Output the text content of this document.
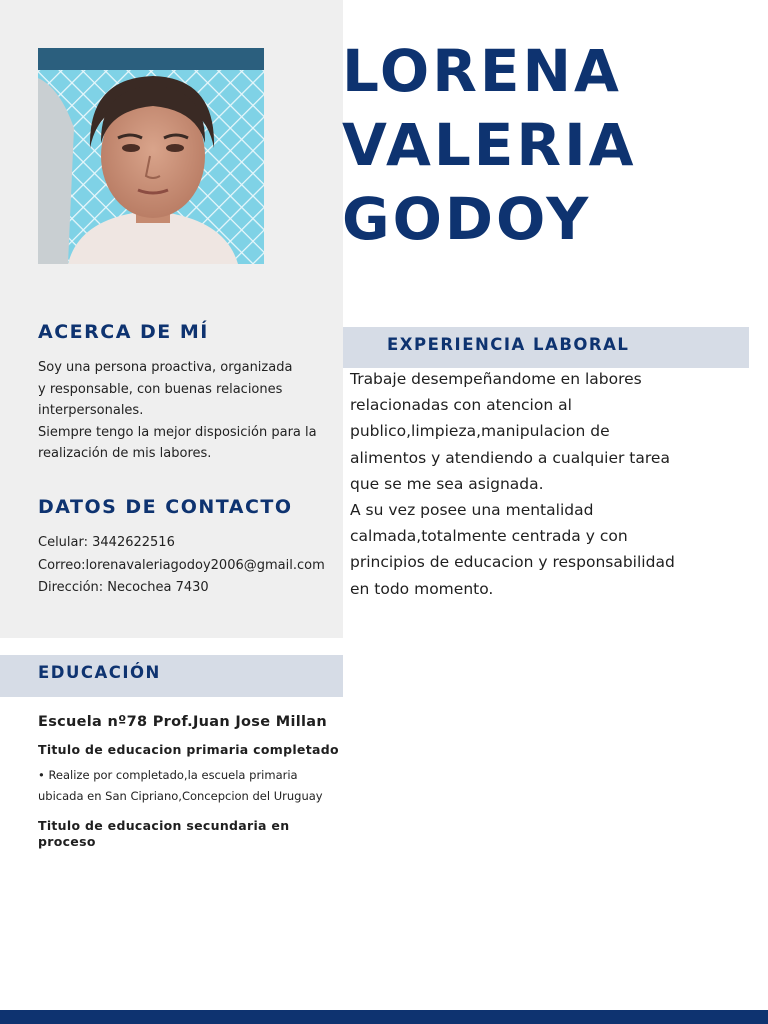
LORENA
VALERIA
GODOY
ACERCA DE MÍ

Soy una persona proactiva, organizada
y responsable, con buenas relaciones
interpersonales.
Siempre tengo la mejor disposición para la
realización de mis labores.

DATOS DE CONTACTO
Celular: 3442622516
Correo:lorenavaleriagodoy2006@gmail.com
Dirección: Necochea 7430
EXPERIENCIA LABORAL

Trabaje desempeñandome en labores
relacionadas con atencion al
publico,limpieza,manipulacion de
alimentos y atendiendo a cualquier tarea
que se me sea asignada.
A su vez posee una mentalidad
calmada,totalmente centrada y con
principios de educacion y responsabilidad
en todo momento.

EDUCACIÓN

Escuela nº78 Prof.Juan Jose Millan

Titulo de educacion primaria completado

• Realize por completado,la escuela primaria ubicada en San Cipriano,Concepcion del Uruguay

Titulo de educacion secundaria en proceso
